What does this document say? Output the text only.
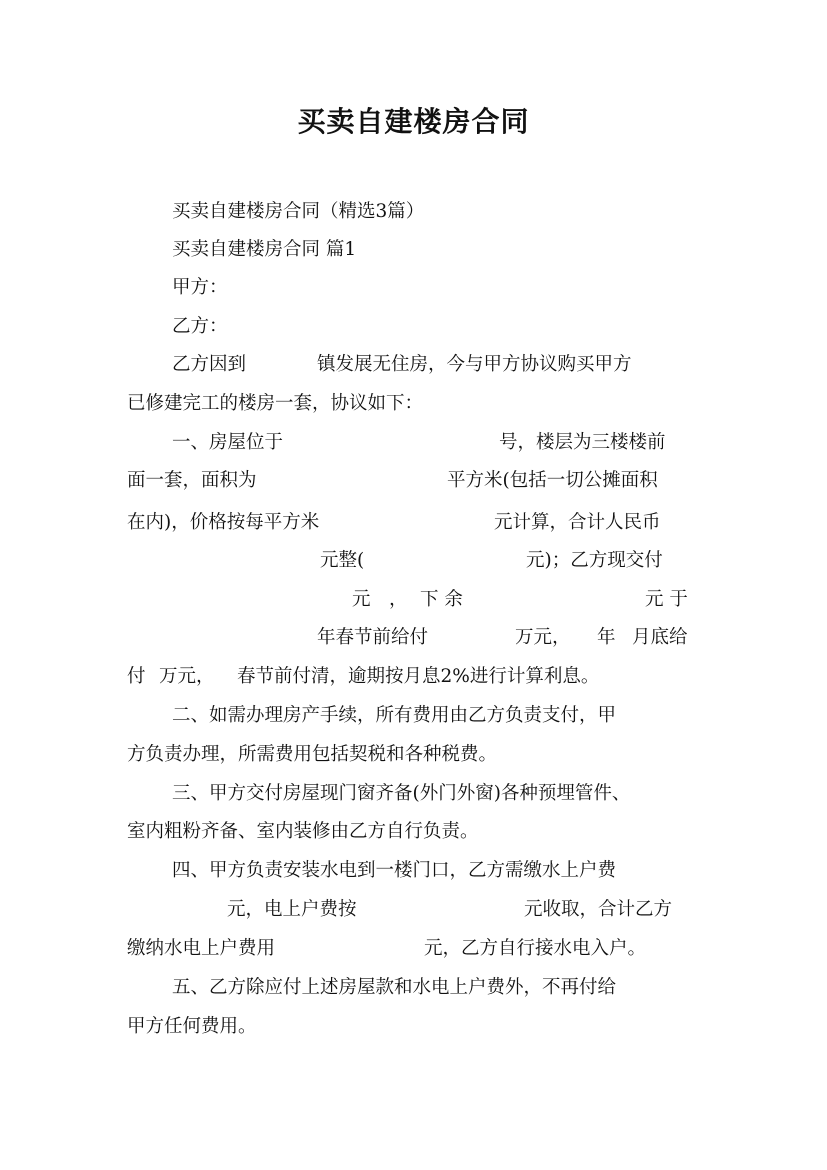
买卖自建楼房合同
买卖自建楼房合同（精选3篇）
买卖自建楼房合同 篇1
甲方：
乙方：
乙方因到	镇发展无住房，今与甲方协议购买甲方
已修建完工的楼房一套，协议如下：
一、房屋位于	号，楼层为三楼楼前
面一套，面积为	平方米(包括一切公摊面积
在内)，价格按每平方米	元计算，合计人民币
元整(	元)；乙方现交付
元 ， 下 余	元 于
年春节前给付	万元， 年 月底给
付 万元， 春节前付清，逾期按月息2%进行计算利息。
二、如需办理房产手续，所有费用由乙方负责支付，甲
方负责办理，所需费用包括契税和各种税费。
三、甲方交付房屋现门窗齐备(外门外窗)各种预埋管件、
室内粗粉齐备、室内装修由乙方自行负责。
四、甲方负责安装水电到一楼门口，乙方需缴水上户费
元，电上户费按	元收取，合计乙方
缴纳水电上户费用	元，乙方自行接水电入户。
五、乙方除应付上述房屋款和水电上户费外，不再付给
甲方任何费用。
